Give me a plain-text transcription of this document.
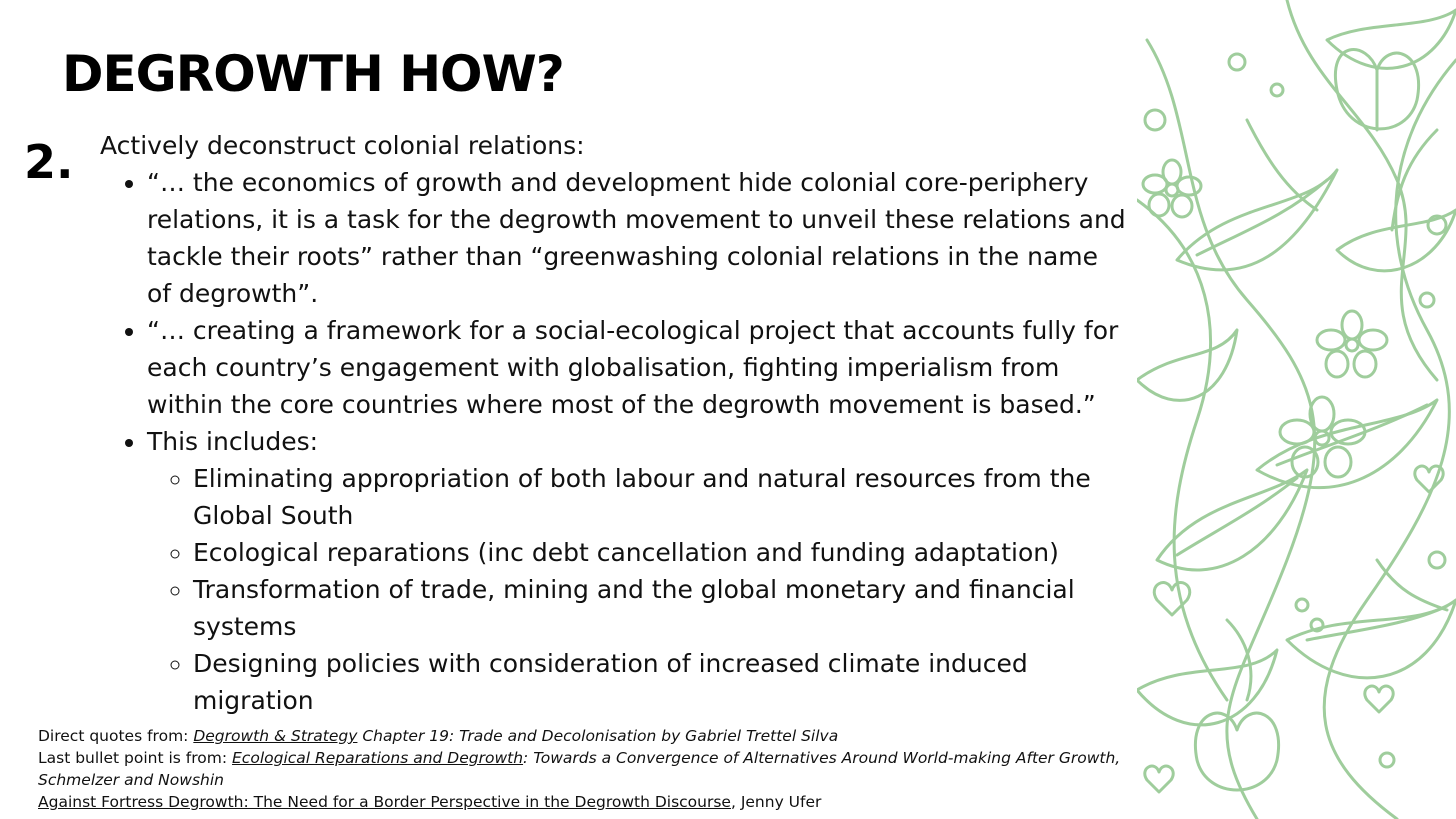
DEGROWTH HOW?
2. Actively deconstruct colonial relations:

• “… the economics of growth and development hide colonial core-periphery relations, it is a task for the degrowth movement to unveil these relations and tackle their roots” rather than “greenwashing colonial relations in the name of degrowth”.
• “… creating a framework for a social-ecological project that accounts fully for each country’s engagement with globalisation, fighting imperialism from within the core countries where most of the degrowth movement is based.”
• This includes:
◦ Eliminating appropriation of both labour and natural resources from the Global South
◦ Ecological reparations (inc debt cancellation and funding adaptation)
◦ Transformation of trade, mining and the global monetary and financial systems
◦ Designing policies with consideration of increased climate induced migration

Direct quotes from: Degrowth & Strategy Chapter 19: Trade and Decolonisation by Gabriel Trettel Silva

Last bullet point is from: Ecological Reparations and Degrowth: Towards a Convergence of Alternatives Around World-making After Growth,

Schmelzer and Nowshin

Against Fortress Degrowth: The Need for a Border Perspective in the Degrowth Discourse, Jenny Ufer
